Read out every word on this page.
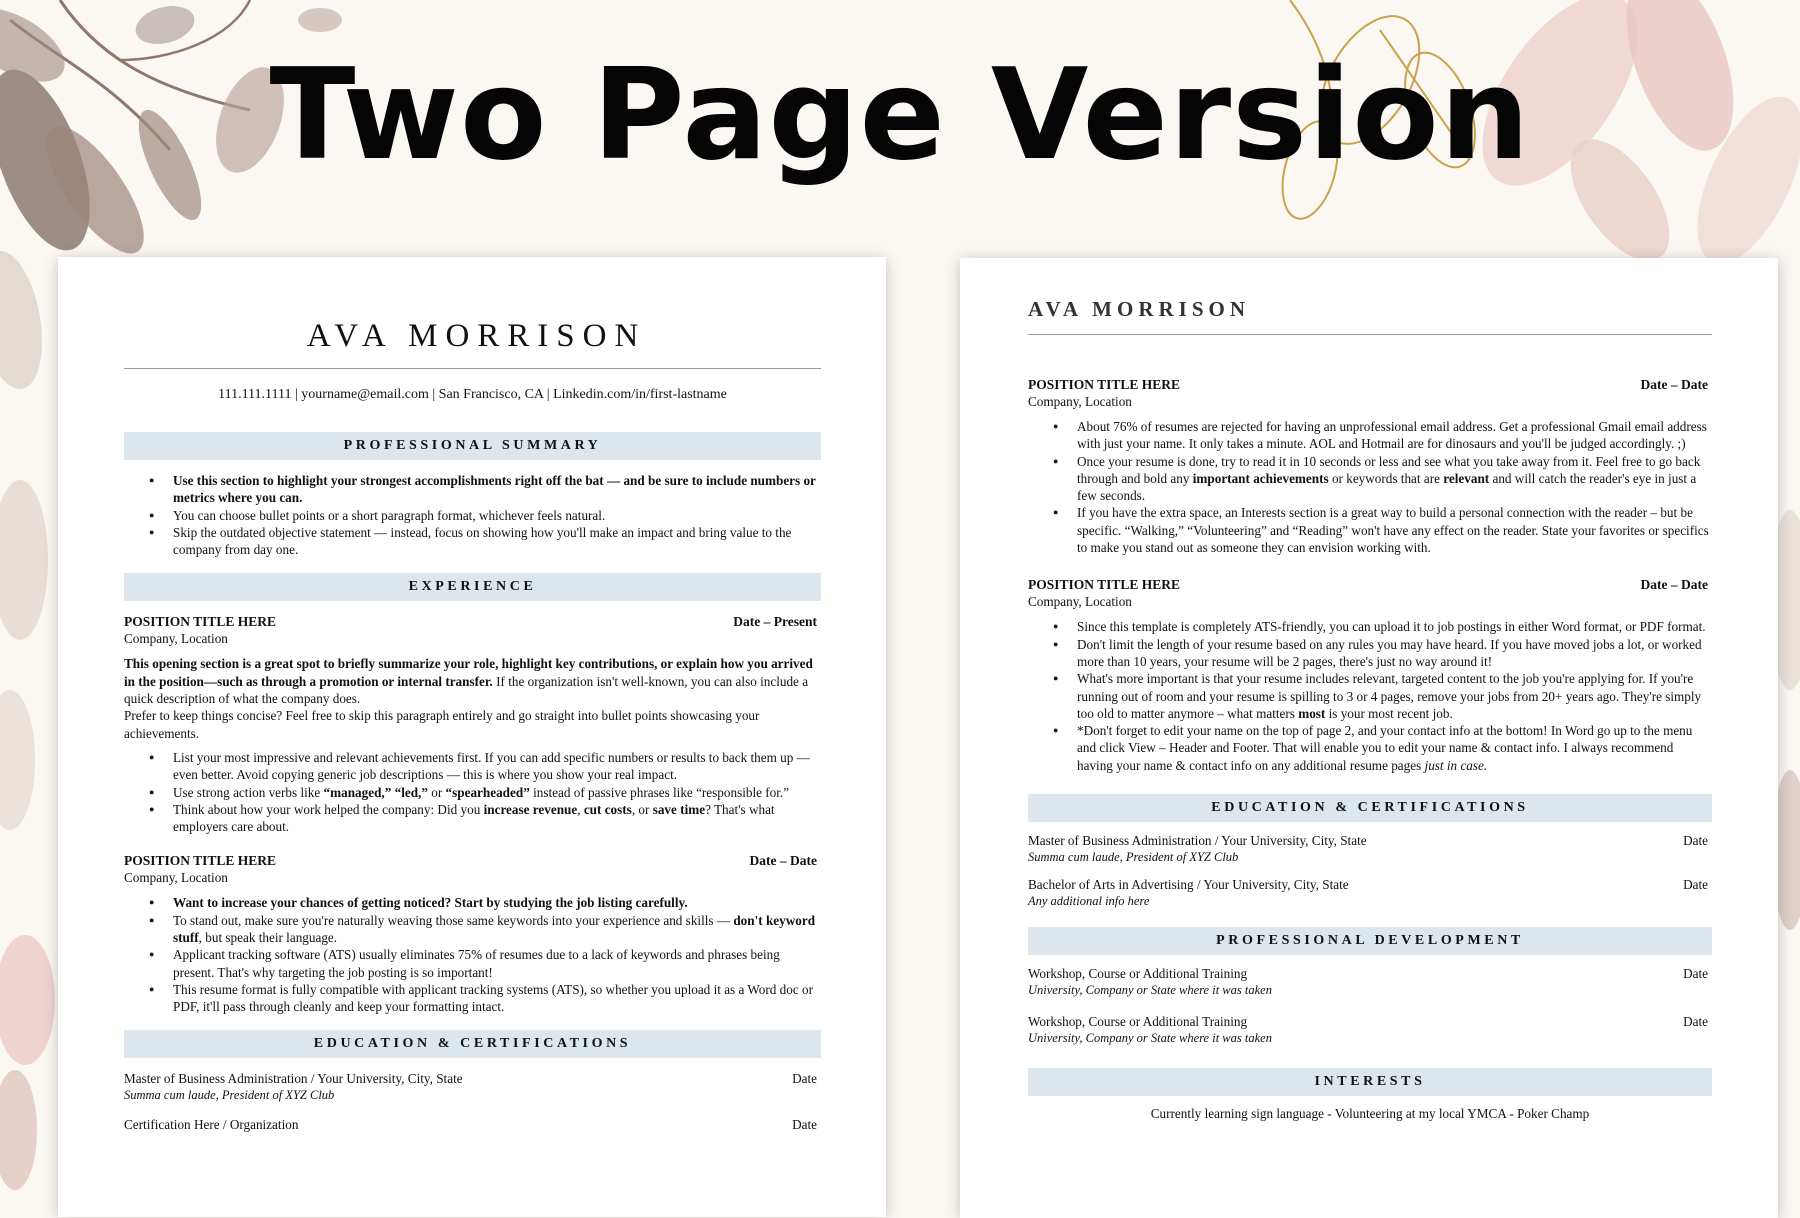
Two Page Version
AVA MORRISON
111.111.1111 | yourname@email.com | San Francisco, CA | Linkedin.com/in/first-lastname
PROFESSIONAL SUMMARY
● Use this section to highlight your strongest accomplishments right off the bat — and be sure to include numbers or metrics where you can.
● You can choose bullet points or a short paragraph format, whichever feels natural.
● Skip the outdated objective statement — instead, focus on showing how you'll make an impact and bring value to the company from day one.
EXPERIENCE
POSITION TITLE HERE	Date – Present
Company, Location
This opening section is a great spot to briefly summarize your role, highlight key contributions, or explain how you arrived in the position—such as through a promotion or internal transfer. If the organization isn't well-known, you can also include a quick description of what the company does.
Prefer to keep things concise? Feel free to skip this paragraph entirely and go straight into bullet points showcasing your achievements.
● List your most impressive and relevant achievements first. If you can add specific numbers or results to back them up — even better. Avoid copying generic job descriptions — this is where you show your real impact.
● Use strong action verbs like “managed,” “led,” or “spearheaded” instead of passive phrases like “responsible for.”
● Think about how your work helped the company: Did you increase revenue, cut costs, or save time? That's what employers care about.
POSITION TITLE HERE	Date – Date
Company, Location
● Want to increase your chances of getting noticed? Start by studying the job listing carefully.
● To stand out, make sure you're naturally weaving those same keywords into your experience and skills — don't keyword stuff, but speak their language.
● Applicant tracking software (ATS) usually eliminates 75% of resumes due to a lack of keywords and phrases being present. That's why targeting the job posting is so important!
● This resume format is fully compatible with applicant tracking systems (ATS), so whether you upload it as a Word doc or PDF, it'll pass through cleanly and keep your formatting intact.
EDUCATION & CERTIFICATIONS
Master of Business Administration / Your University, City, State	Date
Summa cum laude, President of XYZ Club
Certification Here / Organization	Date
AVA MORRISON
POSITION TITLE HERE	Date – Date
Company, Location
● About 76% of resumes are rejected for having an unprofessional email address. Get a professional Gmail email address with just your name. It only takes a minute. AOL and Hotmail are for dinosaurs and you'll be judged accordingly. ;)
● Once your resume is done, try to read it in 10 seconds or less and see what you take away from it. Feel free to go back through and bold any important achievements or keywords that are relevant and will catch the reader's eye in just a few seconds.
● If you have the extra space, an Interests section is a great way to build a personal connection with the reader – but be specific. “Walking,” “Volunteering” and “Reading” won't have any effect on the reader. State your favorites or specifics to make you stand out as someone they can envision working with.
POSITION TITLE HERE	Date – Date
Company, Location
● Since this template is completely ATS-friendly, you can upload it to job postings in either Word format, or PDF format.
● Don't limit the length of your resume based on any rules you may have heard. If you have moved jobs a lot, or worked more than 10 years, your resume will be 2 pages, there's just no way around it!
● What's more important is that your resume includes relevant, targeted content to the job you're applying for. If you're running out of room and your resume is spilling to 3 or 4 pages, remove your jobs from 20+ years ago. They're simply too old to matter anymore – what matters most is your most recent job.
● *Don't forget to edit your name on the top of page 2, and your contact info at the bottom! In Word go up to the menu and click View – Header and Footer. That will enable you to edit your name & contact info. I always recommend having your name & contact info on any additional resume pages just in case.
EDUCATION & CERTIFICATIONS
Master of Business Administration / Your University, City, State	Date
Summa cum laude, President of XYZ Club
Bachelor of Arts in Advertising / Your University, City, State	Date
Any additional info here
PROFESSIONAL DEVELOPMENT
Workshop, Course or Additional Training	Date
University, Company or State where it was taken
Workshop, Course or Additional Training	Date
University, Company or State where it was taken
INTERESTS
Currently learning sign language - Volunteering at my local YMCA - Poker Champ
